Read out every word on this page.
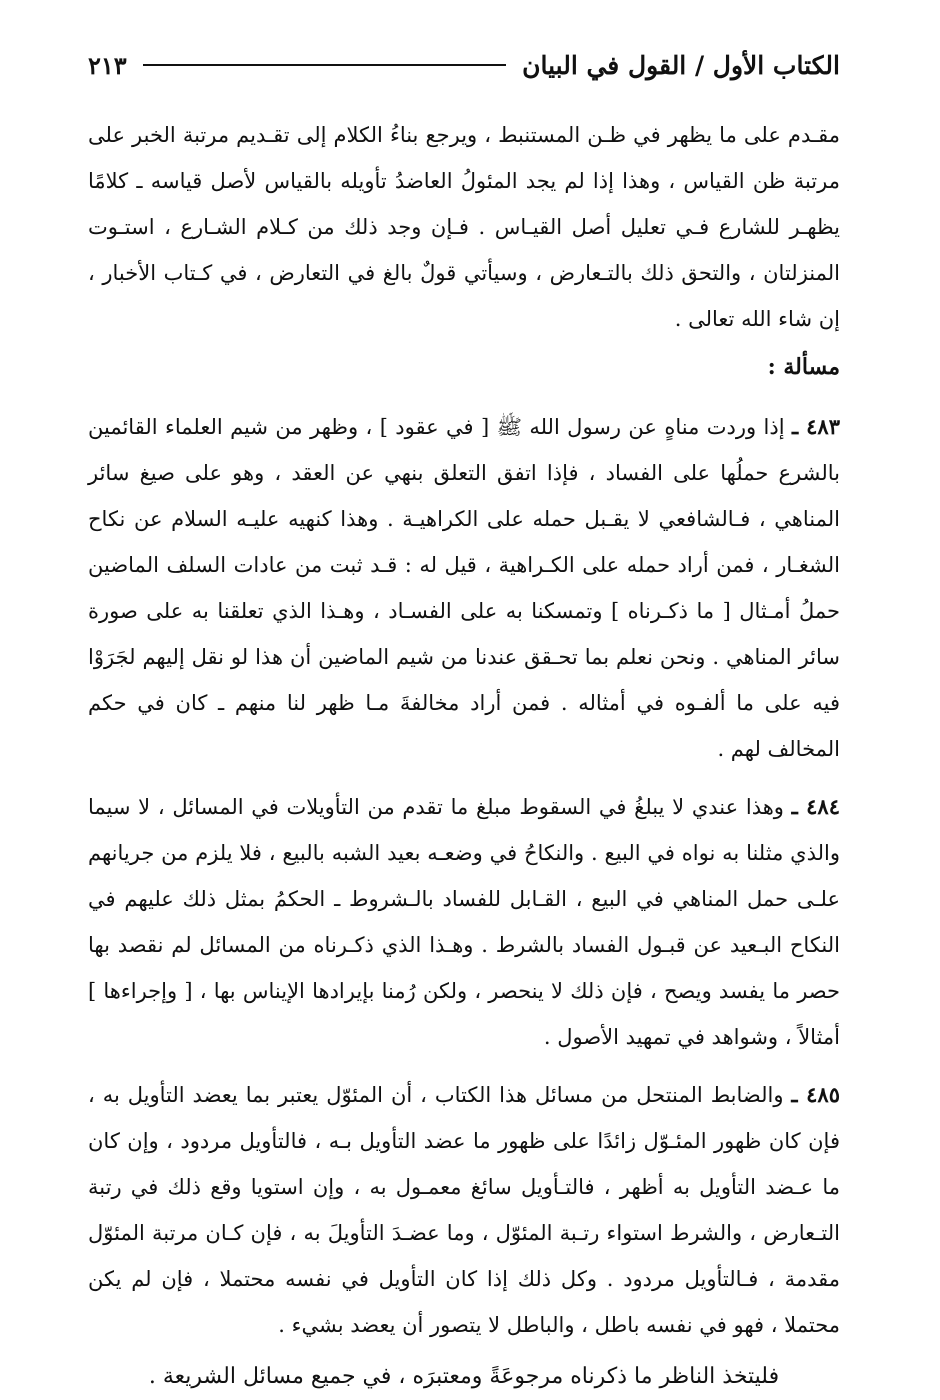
الكتاب الأول / القول في البيان
٢١٣

مقـدم على ما يظهر في ظـن المستنبط ، ويرجع بناءُ الكلام إلى تقـديم مرتبة الخبر على مرتبة ظن القياس ، وهذا إذا لم يجد المئولُ العاضدُ تأويله بالقياس لأصل قياسه ـ كلامًا يظهـر للشارع فـي تعليل أصل القيـاس . فـإن وجد ذلك من كـلام الشـارع ، استـوت المنزلتان ، والتحق ذلك بالتـعارض ، وسيأتي قولٌ بالغ في التعارض ، في كـتاب الأخبار ، إن شاء الله تعالى .

مسألة :

٤٨٣ ـ إذا وردت مناهٍ عن رسول الله ﷺ [ في عقود ] ، وظهر من شيم العلماء القائمين بالشرع حملُها على الفساد ، فإذا اتفق التعلق بنهي عن العقد ، وهو على صيغ سائر المناهي ، فـالشافعي لا يقـبل حمله على الكراهيـة . وهذا كنهيه عليـه السلام عن نكاح الشغـار ، فمن أراد حمله على الكـراهية ، قيل له : قـد ثبت من عادات السلف الماضين حملُ أمـثال [ ما ذكـرناه ] وتمسكنا به على الفسـاد ، وهـذا الذي تعلقنا به على صورة سائر المناهي . ونحن نعلم بما تحـقق عندنا من شيم الماضين أن هذا لو نقل إليهم لجَرَوْا فيه على ما ألفـوه في أمثاله . فمن أراد مخالفةَ مـا ظهر لنا منهم ـ كان في حكم المخالف لهم .

٤٨٤ ـ وهذا عندي لا يبلغُ في السقوط مبلغ ما تقدم من التأويلات في المسائل ، لا سيما والذي مثلنا به نواه في البيع . والنكاحُ في وضعـه بعيد الشبه بالبيع ، فلا يلزم من جريانهم علـى حمل المناهي في البيع ، القـابل للفساد بالـشروط ـ الحكمُ بمثل ذلك عليهم في النكاح البـعيد عن قبـول الفساد بالشرط . وهـذا الذي ذكـرناه من المسائل لم نقصد بها حصر ما يفسد ويصح ، فإن ذلك لا ينحصر ، ولكن رُمنا بإيرادها الإيناس بها ، [ وإجراءها ] أمثالاً ، وشواهد في تمهيد الأصول .

٤٨٥ ـ والضابط المنتحل من مسائل هذا الكتاب ، أن المئوّل يعتبر بما يعضد التأويل به ، فإن كان ظهور المئـوّل زائدًا على ظهور ما عضد التأويل بـه ، فالتأويل مردود ، وإن كان ما عـضد التأويل به أظهر ، فالتـأويل سائغ معمـول به ، وإن استويا وقع ذلك في رتبة التـعارض ، والشرط استواء رتـبة المئوّل ، وما عضـدَ التأويلَ به ، فإن كـان مرتبة المئوّل مقدمة ، فـالتأويل مردود . وكل ذلك إذا كان التأويل في نفسه محتملا ، فإن لم يكن محتملا ، فهو في نفسه باطل ، والباطل لا يتصور أن يعضد بشيء .

فليتخذ الناظر ما ذكرناه مرجوعَةً ومعتبرَه ، في جميع مسائل الشريعة .
